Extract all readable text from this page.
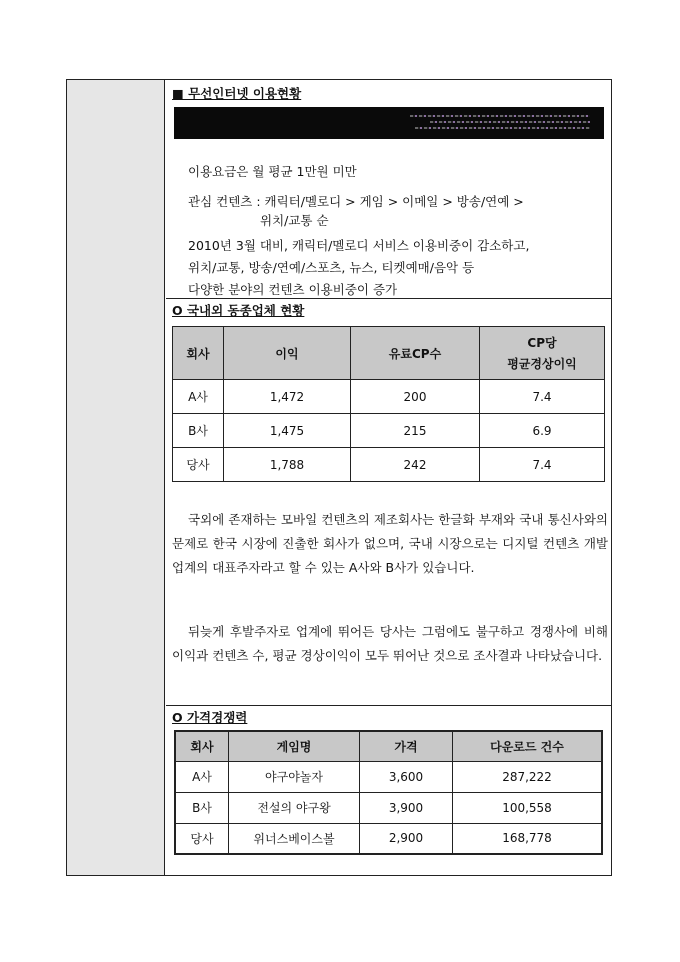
■ 무선인터넷 이용현황
이용요금은 월 평균 1만원 미만
관심 컨텐츠 : 캐릭터/멜로디 > 게임 > 이메일 > 방송/연예 >
위치/교통 순
2010년 3월 대비, 캐릭터/멜로디 서비스 이용비중이 감소하고,
위치/교통, 방송/연예/스포츠, 뉴스, 티켓예매/음악 등
다양한 분야의 컨텐츠 이용비중이 증가
O 국내외 동종업체 현황
회사	이익	유료CP수	CP당
평균경상이익

A사	1,472	200	7.4
B사	1,475	215	6.9
당사	1,788	242	7.4
국외에 존재하는 모바일 컨텐츠의 제조회사는 한글화 부재와 국내 통신사와의 문제로 한국 시장에 진출한 회사가 없으며, 국내 시장으로는 디지털 컨텐츠 개발업계의 대표주자라고 할 수 있는 A사와 B사가 있습니다.
뒤늦게 후발주자로 업계에 뛰어든 당사는 그럼에도 불구하고 경쟁사에 비해 이익과 컨텐츠 수, 평균 경상이익이 모두 뛰어난 것으로 조사결과 나타났습니다.
O 가격경쟁력
회사	게임명	가격	다운로드 건수
A사	야구야놀자	3,600	287,222
B사	전설의 야구왕	3,900	100,558
당사	위너스베이스볼	2,900	168,778
